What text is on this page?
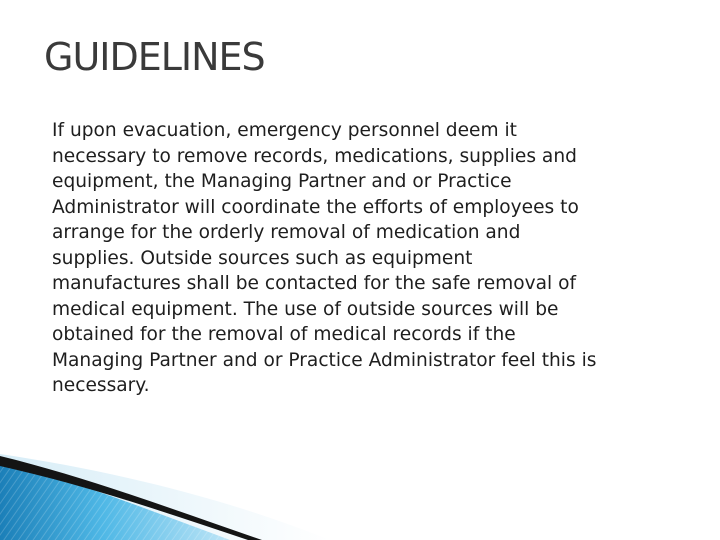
GUIDELINES

If upon evacuation, emergency personnel deem it
necessary to remove records, medications, supplies and
equipment, the Managing Partner and or Practice
Administrator will coordinate the efforts of employees to
arrange for the orderly removal of medication and
supplies. Outside sources such as equipment
manufactures shall be contacted for the safe removal of
medical equipment. The use of outside sources will be
obtained for the removal of medical records if the
Managing Partner and or Practice Administrator feel this is
necessary.
